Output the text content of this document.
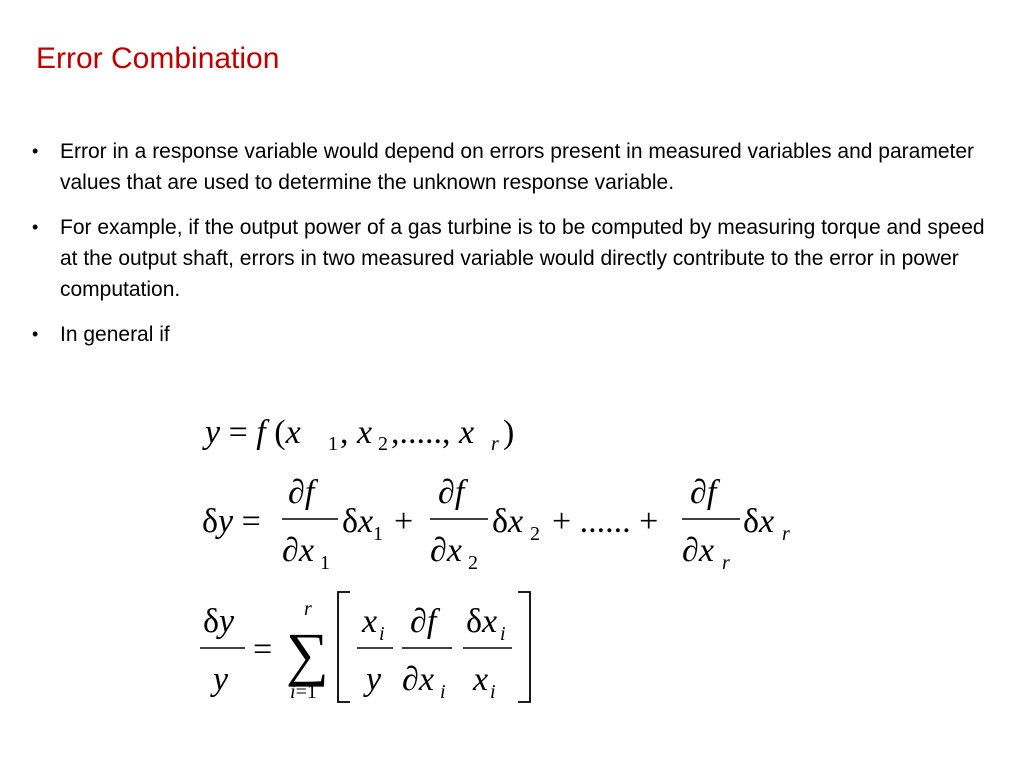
Error Combination
• Error in a response variable would depend on errors present in measured variables and parameter values that are used to determine the unknown response variable.
• For example, if the output power of a gas turbine is to be computed by measuring torque and speed at the output shaft, errors in two measured variable would directly contribute to the error in power computation.
• In general if
y = f (x 1 , x 2 ,....., x r )
δy =
∂f
∂x 1
δx 1 +
∂f
∂x 2
δx 2 + ...... +
∂f
∂x r
δx r
δy
y
=
r
∑
i=1
x i
y
∂f
∂x i
δx i
x i
